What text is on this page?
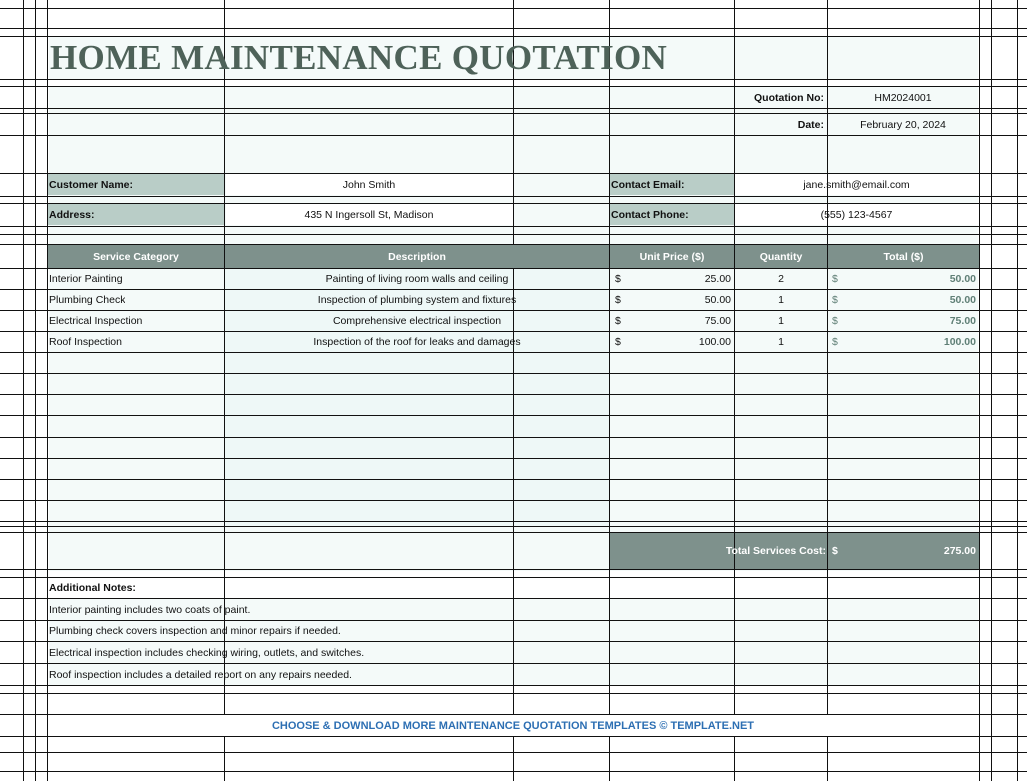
HOME MAINTENANCE QUOTATION
Quotation No:	HM2024001
Date:	February 20, 2024
Customer Name:	John Smith
Address:	435 N Ingersoll St, Madison
Contact Email:	jane.smith@email.com
Contact Phone:	(555) 123-4567
Service Category	Description	Unit Price ($)	Quantity	Total ($)
Interior Painting	Painting of living room walls and ceiling	$	25.00	2	$	50.00
Plumbing Check	Inspection of plumbing system and fixtures	$	50.00	1	$	50.00
Electrical Inspection	Comprehensive electrical inspection	$	75.00	1	$	75.00
Roof Inspection	Inspection of the roof for leaks and damages	$	100.00	1	$	100.00
Total Services Cost: $	275.00
Additional Notes:
Interior painting includes two coats of paint.
Plumbing check covers inspection and minor repairs if needed.
Electrical inspection includes checking wiring, outlets, and switches.
Roof inspection includes a detailed report on any repairs needed.
CHOOSE & DOWNLOAD MORE MAINTENANCE QUOTATION TEMPLATES © TEMPLATE.NET
